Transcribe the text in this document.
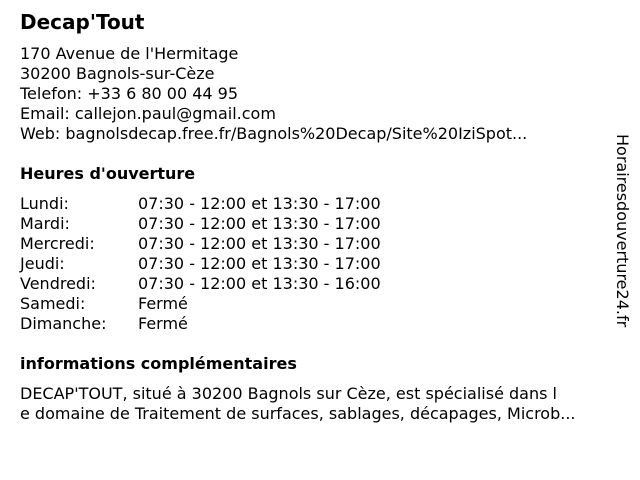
Decap'Tout
170 Avenue de l'Hermitage
30200 Bagnols-sur-Cèze
Telefon: +33 6 80 00 44 95
Email: callejon.paul@gmail.com
Web: bagnolsdecap.free.fr/Bagnols%20Decap/Site%20IziSpot...
Heures d'ouverture
Lundi:	07:30 - 12:00 et 13:30 - 17:00
Mardi:	07:30 - 12:00 et 13:30 - 17:00
Mercredi:	07:30 - 12:00 et 13:30 - 17:00
Jeudi:	07:30 - 12:00 et 13:30 - 17:00
Vendredi:	07:30 - 12:00 et 13:30 - 16:00
Samedi:	Fermé
Dimanche:	Fermé
informations complémentaires
DECAP'TOUT, situé à 30200 Bagnols sur Cèze, est spécialisé dans l
e domaine de Traitement de surfaces, sablages, décapages, Microb...
Horairesdouverture24.fr
